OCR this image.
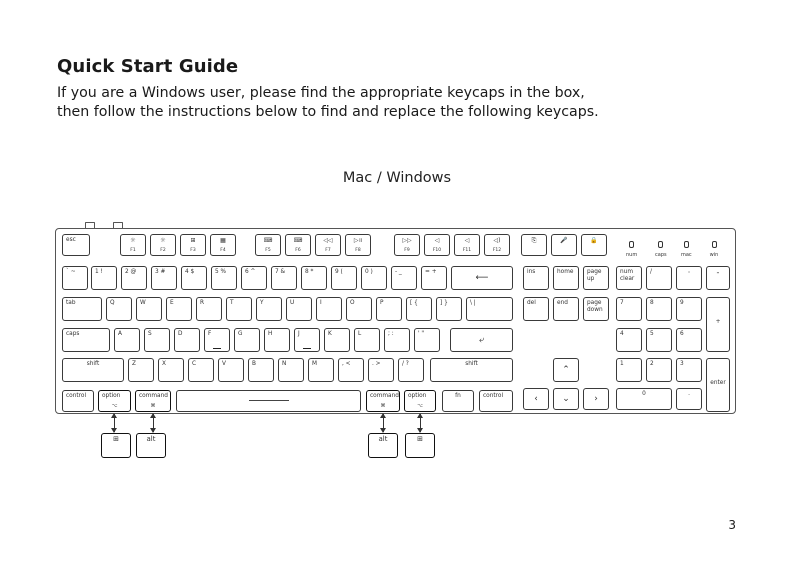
Quick Start Guide
If you are a Windows user, please find the appropriate keycaps in the box,
then follow the instructions below to find and replace the following keycaps.
Mac / Windows
esc	☼
F1
☼
F2
⊞
F3
▦
F4
⌨
F5
⌨
F6
◁◁
F7
▷॥
F8
▷▷
F9
◁
F10
◁
F11
◁)
F12
⎘	🎤	🔒
num	caps	mac	win
` ~	1 !	2 @	3 #	4 $	5 %	6 ^	7 &	8 *	9 (	0 )	- _	= +
⟵
tab	Q	W	E	R	T	Y	U	I	O	P	[ {	] }	\ |
caps	A	S	D	F	G	H	J	K	L	; :	' "
⤶
shift	Z	X	C	V	B	N	M	, <	. >	/ ?	shift
control	option
⌥
command
⌘
command
⌘
option
⌥
fn	control
ins	home	page up
del	end	page down
⌃
‹	⌄	›
num clear
/	·	-
7	8	9
+
4	5	6
1	2	3
enter
0	.
⊞	alt	alt	⊞
3
